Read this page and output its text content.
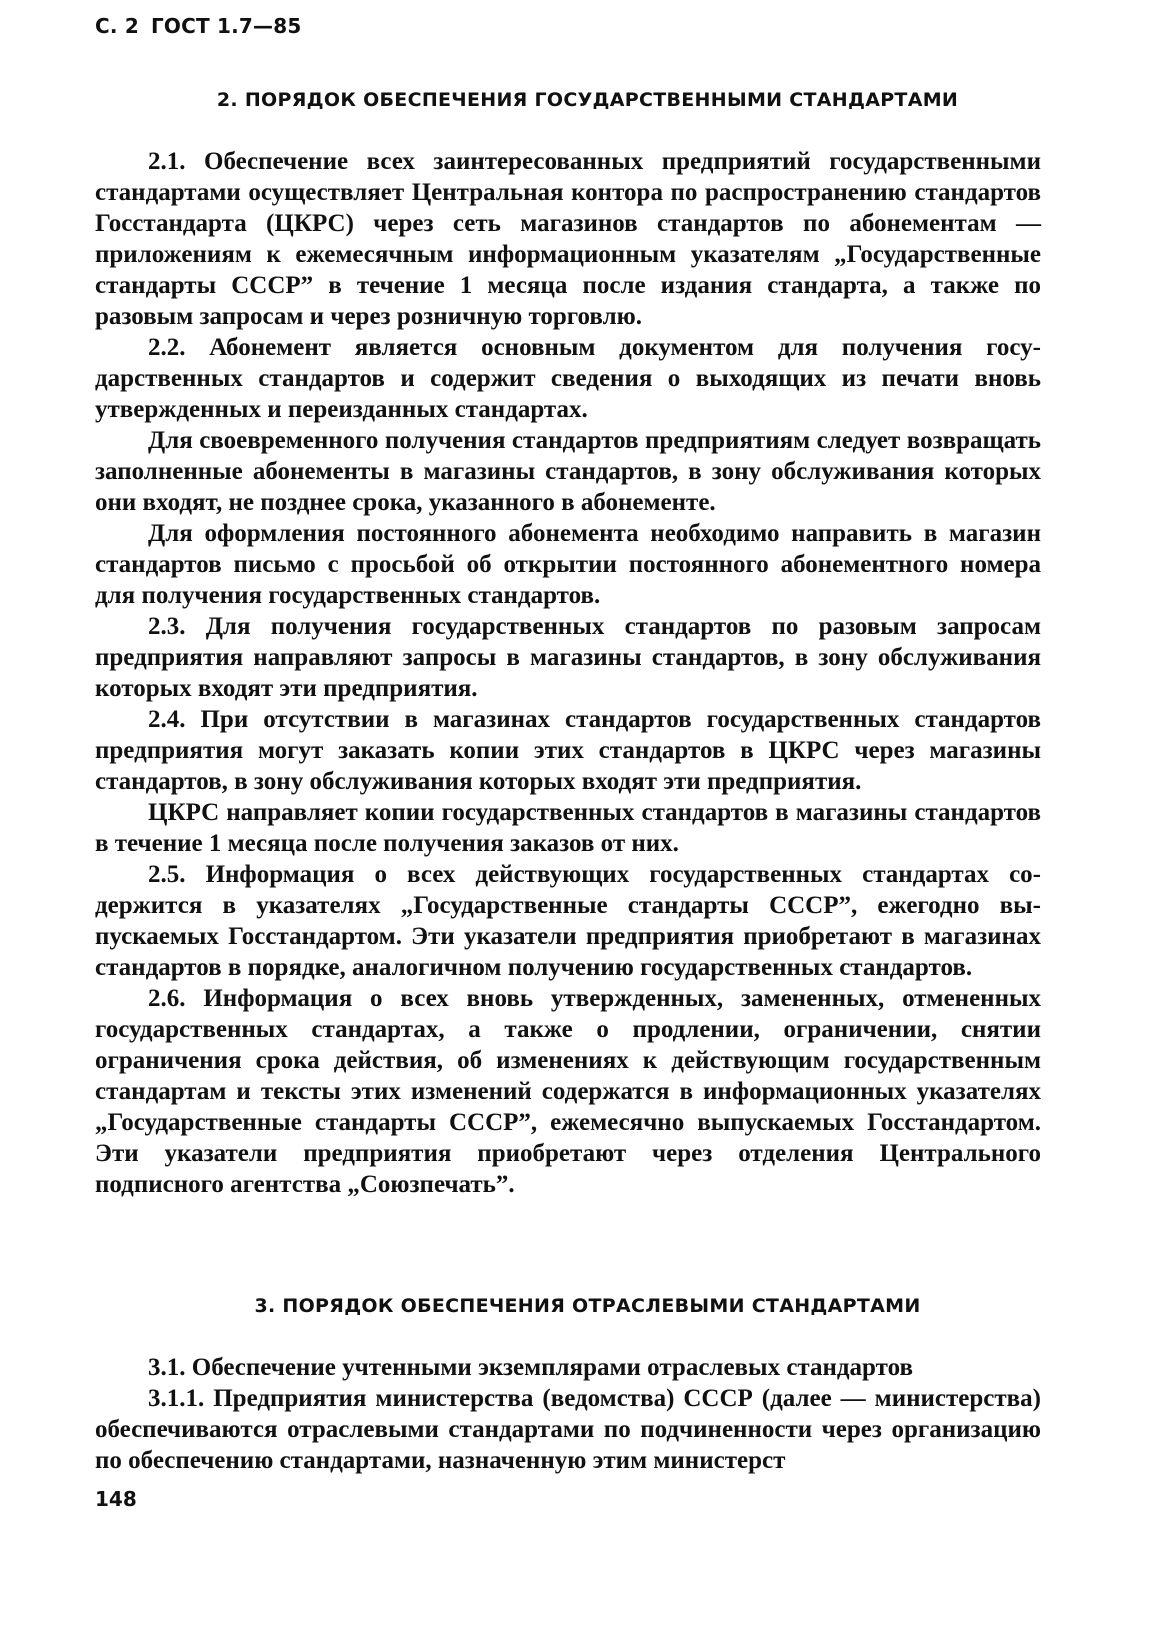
С. 2 ГОСТ 1.7—85
2. ПОРЯДОК ОБЕСПЕЧЕНИЯ ГОСУДАРСТВЕННЫМИ СТАНДАРТАМИ

2.1. Обеспечение всех заинтересованных предприятий государственными стандартами осуществляет Центральная контора по распространению стандартов Госстандарта (ЦКРС) через сеть магазинов стандартов по абонементам — приложениям к ежемесячным информационным указателям „Государственные стандарты СССР” в течение 1 месяца после издания стандарта, а также по разовым запросам и через розничную торговлю.

2.2. Абонемент является основным документом для получения государственных стандартов и содержит сведения о выходящих из печати вновь утвержденных и переизданных стандартах.

Для своевременного получения стандартов предприятиям следует возвращать заполненные абонементы в магазины стандартов, в зону обслуживания которых они входят, не позднее срока, указанного в абонементе.

Для оформления постоянного абонемента необходимо направить в магазин стандартов письмо с просьбой об открытии постоянного абонементного номера для получения государственных стандартов.

2.3. Для получения государственных стандартов по разовым запросам предприятия направляют запросы в магазины стандартов, в зону обслуживания которых входят эти предприятия.

2.4. При отсутствии в магазинах стандартов государственных стандартов предприятия могут заказать копии этих стандартов в ЦКРС через магазины стандартов, в зону обслуживания которых входят эти предприятия.

ЦКРС направляет копии государственных стандартов в магазины стандартов в течение 1 месяца после получения заказов от них.

2.5. Информация о всех действующих государственных стандартах содержится в указателях „Государственные стандарты СССР”, ежегодно выпускаемых Госстандартом. Эти указатели предприятия приобретают в магазинах стандартов в порядке, аналогичном получению государственных стандартов.

2.6. Информация о всех вновь утвержденных, замененных, отмененных государственных стандартах, а также о продлении, ограничении, снятии ограничения срока действия, об изменениях к действующим государственным стандартам и тексты этих изменений содержатся в информационных указателях „Государственные стандарты СССР”, ежемесячно выпускаемых Госстандартом. Эти указатели предприятия приобретают через отделения Центрального подписного агентства „Союзпечать”.

3. ПОРЯДОК ОБЕСПЕЧЕНИЯ ОТРАСЛЕВЫМИ СТАНДАРТАМИ

3.1. Обеспечение учтенными экземплярами отраслевых стандартов

3.1.1. Предприятия министерства (ведомства) СССР (далее — министерства) обеспечиваются отраслевыми стандартами по подчиненности через организацию по обеспечению стандартами, назначенную этим министерст

148
